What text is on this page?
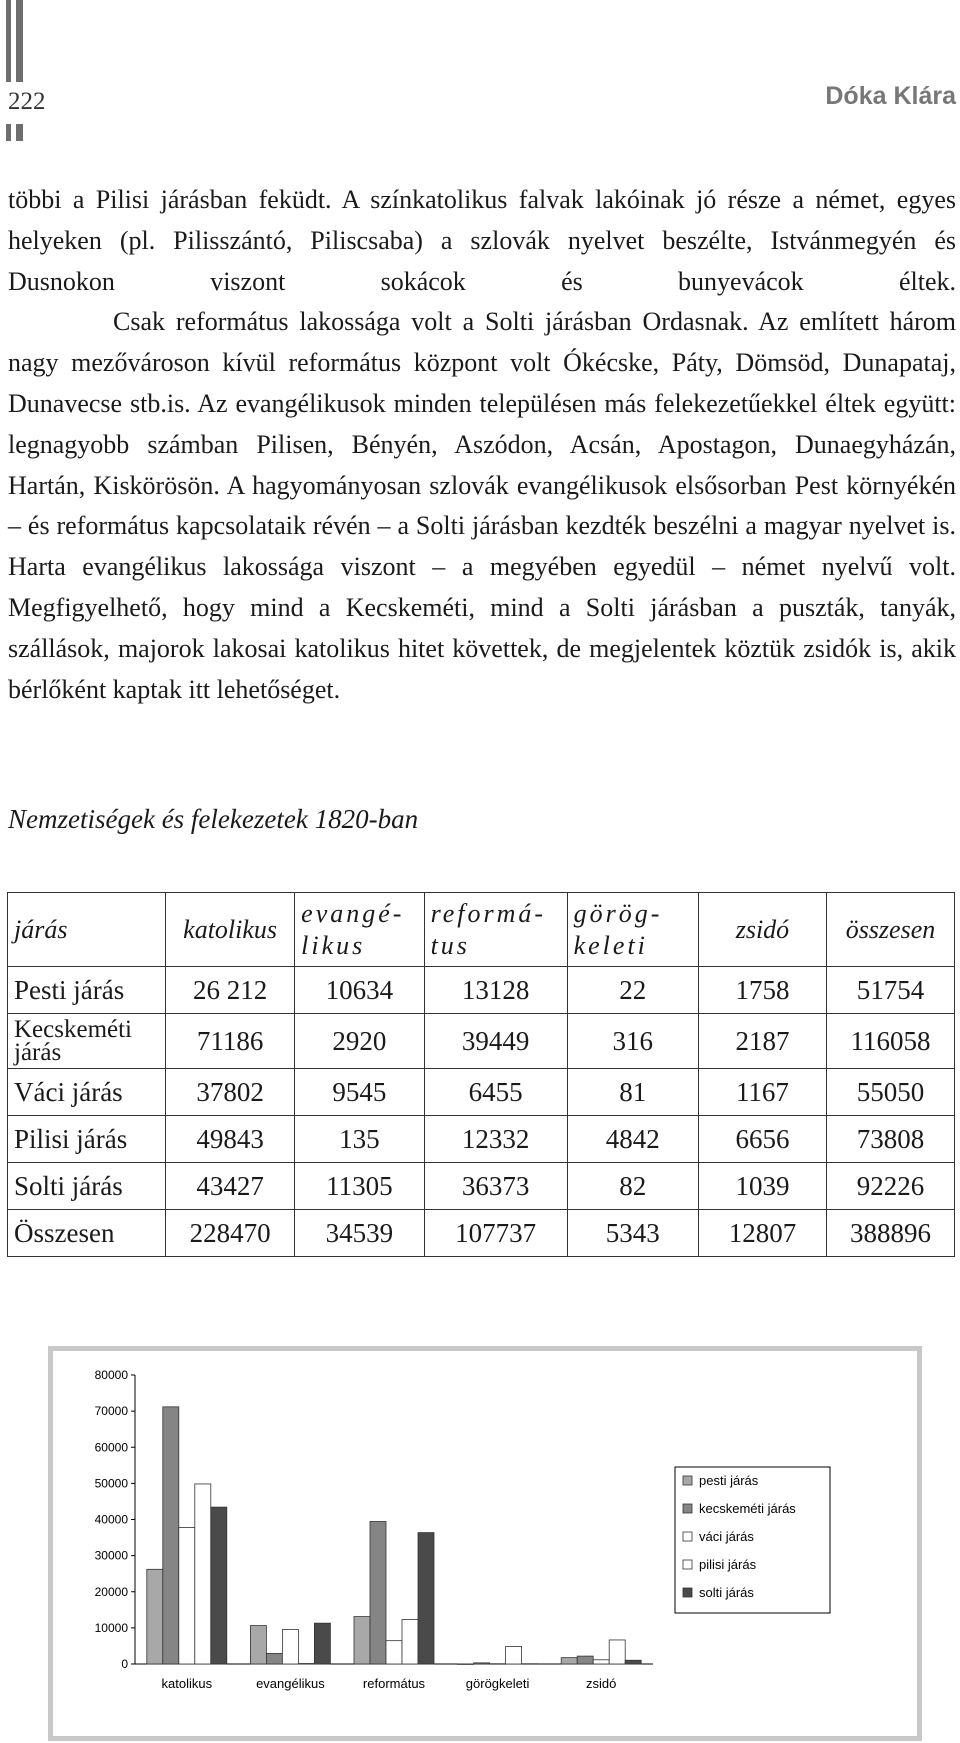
222	Dóka Klára

többi a Pilisi járásban feküdt. A színkatolikus falvak lakóinak jó része a német, egyes helyeken (pl. Pilisszántó, Piliscsaba) a szlovák nyelvet beszélte, Istvánmegyén és Dusnokon viszont sokácok és bunyevácok éltek.

Csak református lakossága volt a Solti járásban Ordasnak. Az említett három nagy mezővároson kívül református központ volt Ókécske, Páty, Dömsöd, Dunapataj, Dunavecse stb.is. Az evangélikusok minden településen más felekezetűekkel éltek együtt: legnagyobb számban Pilisen, Bényén, Aszódon, Acsán, Apostagon, Dunaegyházán, Hartán, Kiskörösön. A hagyományosan szlovák evangélikusok elsősorban Pest környékén – és református kapcsolataik révén – a Solti járásban kezdték beszélni a magyar nyelvet is. Harta evangélikus lakossága viszont – a megyében egyedül – német nyelvű volt. Megfigyelhető, hogy mind a Kecskeméti, mind a Solti járásban a puszták, tanyák, szállások, majorok lakosai katolikus hitet követtek, de megjelentek köztük zsidók is, akik bérlőként kaptak itt lehetőséget.

Nemzetiségek és felekezetek 1820-ban
járás	katolikus	evangé-likus	reformá-tus	görög-keleti	zsidó	összesen
Pesti járás	26 212	10634	13128	22	1758	51754
Kecskeméti járás	71186	2920	39449	316	2187	116058
Váci járás	37802	9545	6455	81	1167	55050
Pilisi járás	49843	135	12332	4842	6656	73808
Solti járás	43427	11305	36373	82	1039	92226
Összesen	228470	34539	107737	5343	12807	388896
0
10000
20000
30000
40000
50000
60000
70000
80000
katolikus	evangélikus	református	görögkeleti	zsidó
pesti járás
kecskeméti járás
váci járás
pilisi járás
solti járás
